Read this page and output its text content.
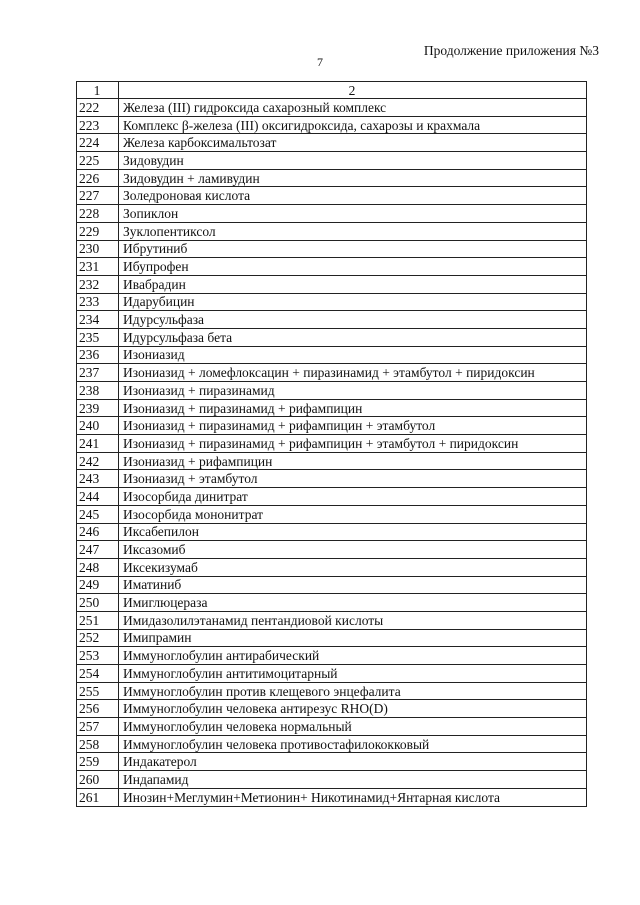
Продолжение приложения №3
7
1	2
222	Железа (III) гидроксида сахарозный комплекс
223	Комплекс β-железа (III) оксигидроксида, сахарозы и крахмала
224	Железа карбоксимальтозат
225	Зидовудин
226	Зидовудин + ламивудин
227	Золедроновая кислота
228	Зопиклон
229	Зуклопентиксол
230	Ибрутиниб
231	Ибупрофен
232	Ивабрадин
233	Идарубицин
234	Идурсульфаза
235	Идурсульфаза бета
236	Изониазид
237	Изониазид + ломефлоксацин + пиразинамид + этамбутол + пиридоксин
238	Изониазид + пиразинамид
239	Изониазид + пиразинамид + рифампицин
240	Изониазид + пиразинамид + рифампицин + этамбутол
241	Изониазид + пиразинамид + рифампицин + этамбутол + пиридоксин
242	Изониазид + рифампицин
243	Изониазид + этамбутол
244	Изосорбида динитрат
245	Изосорбида мононитрат
246	Иксабепилон
247	Иксазомиб
248	Иксекизумаб
249	Иматиниб
250	Имиглюцераза
251	Имидазолилэтанамид пентандиовой кислоты
252	Имипрамин
253	Иммуноглобулин антирабический
254	Иммуноглобулин антитимоцитарный
255	Иммуноглобулин против клещевого энцефалита
256	Иммуноглобулин человека антирезус RHO(D)
257	Иммуноглобулин человека нормальный
258	Иммуноглобулин человека противостафилококковый
259	Индакатерол
260	Индапамид
261	Инозин+Меглумин+Метионин+ Никотинамид+Янтарная кислота
